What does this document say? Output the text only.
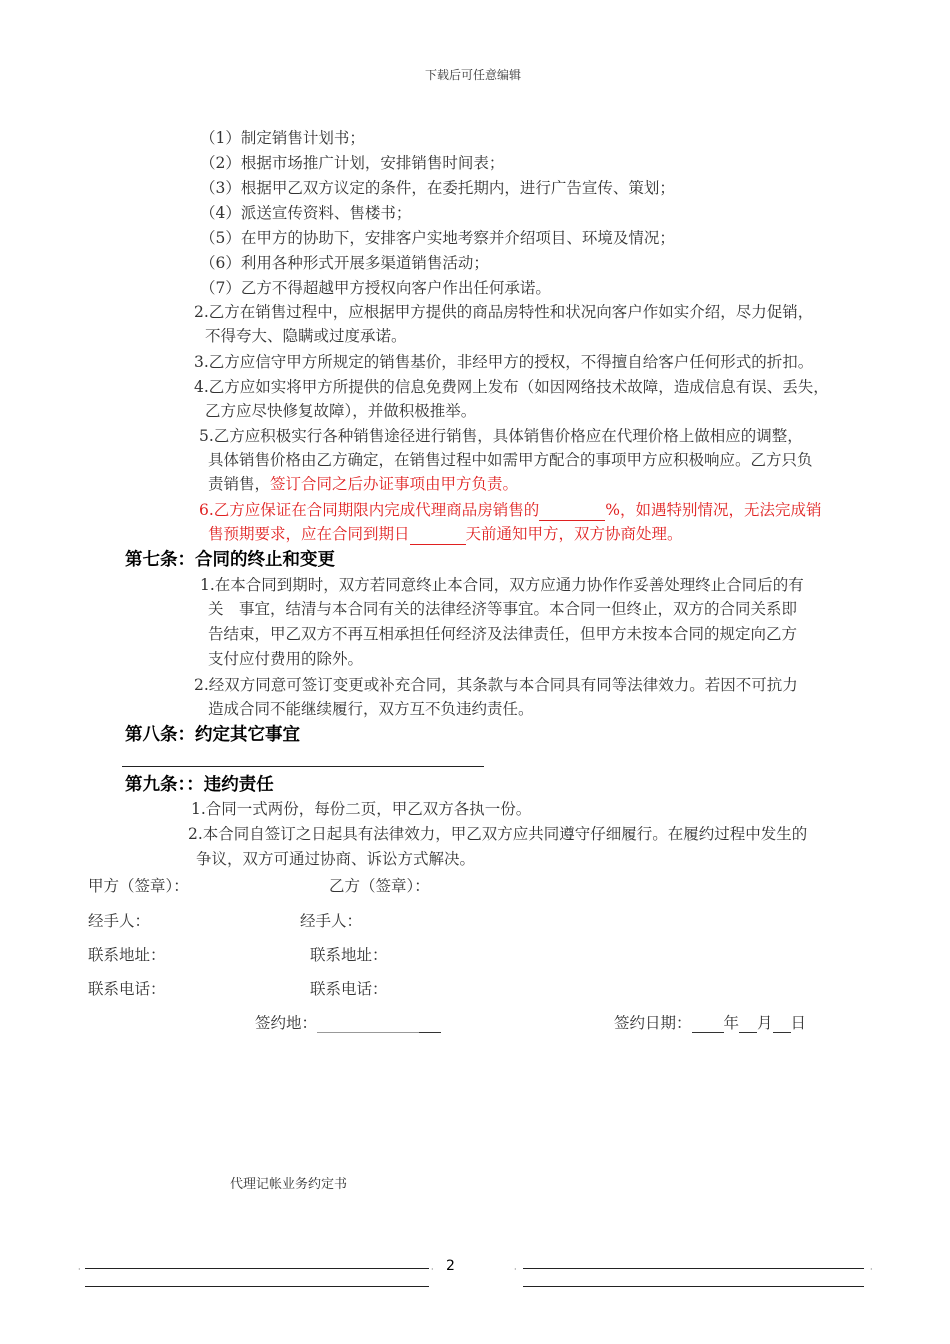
下载后可任意编辑
（1）制定销售计划书；
（2）根据市场推广计划，安排销售时间表；
（3）根据甲乙双方议定的条件，在委托期内，进行广告宣传、策划；
（4）派送宣传资料、售楼书；
（5）在甲方的协助下，安排客户实地考察并介绍项目、环境及情况；
（6）利用各种形式开展多渠道销售活动；
（7）乙方不得超越甲方授权向客户作出任何承诺。
2.乙方在销售过程中，应根据甲方提供的商品房特性和状况向客户作如实介绍，尽力促销，
不得夸大、隐瞒或过度承诺。
3.乙方应信守甲方所规定的销售基价，非经甲方的授权，不得擅自给客户任何形式的折扣。
4.乙方应如实将甲方所提供的信息免费网上发布（如因网络技术故障，造成信息有误、丢失，
乙方应尽快修复故障），并做积极推举。
5.乙方应积极实行各种销售途径进行销售，具体销售价格应在代理价格上做相应的调整，
具体销售价格由乙方确定，在销售过程中如需甲方配合的事项甲方应积极响应。乙方只负
责销售，签订合同之后办证事项由甲方负责。
6.乙方应保证在合同期限内完成代理商品房销售的	%，如遇特别情况，无法完成销
售预期要求，应在合同到期日	天前通知甲方，双方协商处理。
第七条：合同的终止和变更
1.在本合同到期时，双方若同意终止本合同，双方应通力协作作妥善处理终止合同后的有
关　事宜，结清与本合同有关的法律经济等事宜。本合同一但终止，双方的合同关系即
告结束，甲乙双方不再互相承担任何经济及法律责任，但甲方未按本合同的规定向乙方
支付应付费用的除外。
2.经双方同意可签订变更或补充合同，其条款与本合同具有同等法律效力。若因不可抗力
造成合同不能继续履行，双方互不负违约责任。
第八条：约定其它事宜
第九条：：违约责任
1.合同一式两份，每份二页，甲乙双方各执一份。
2.本合同自签订之日起具有法律效力，甲乙双方应共同遵守仔细履行。在履约过程中发生的
争议，双方可通过协商、诉讼方式解决。
甲方（签章）：	乙方（签章）：
经手人：	经手人：
联系地址：	联系地址：
联系电话：	联系电话：
签约地：	签约日期： 年 月 日
代理记帐业务约定书
2
·	·
·	·
